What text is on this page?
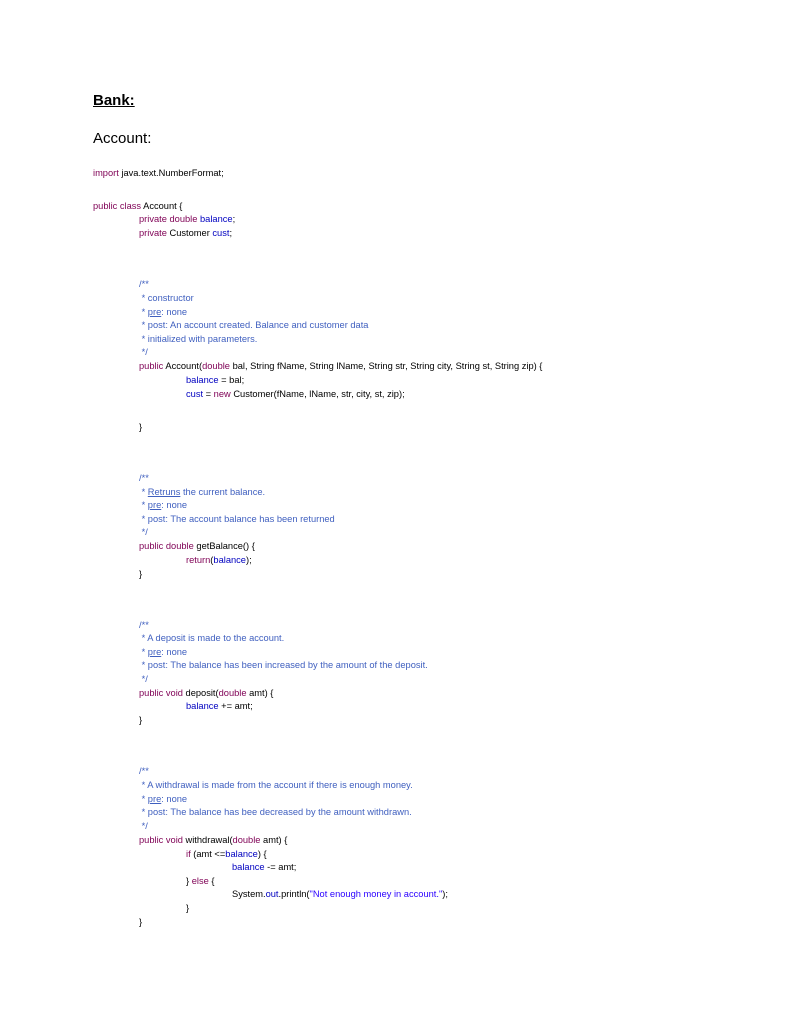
Bank:
Account:
import java.text.NumberFormat;
public class Account {
private double balance;
private Customer cust;
/**
* constructor
* pre: none
* post: An account created. Balance and customer data
* initialized with parameters.
*/
public Account(double bal, String fName, String lName, String str, String city, String st, String zip) {
balance = bal;
cust = new Customer(fName, lName, str, city, st, zip);
}
/**
* Retruns the current balance.
* pre: none
* post: The account balance has been returned
*/
public double getBalance() {
return(balance);
}
/**
* A deposit is made to the account.
* pre: none
* post: The balance has been increased by the amount of the deposit.
*/
public void deposit(double amt) {
balance += amt;
}
/**
* A withdrawal is made from the account if there is enough money.
* pre: none
* post: The balance has bee decreased by the amount withdrawn.
*/
public void withdrawal(double amt) {
if (amt <=balance) {
balance -= amt;
} else {
System.out.println("Not enough money in account.");
}
}
